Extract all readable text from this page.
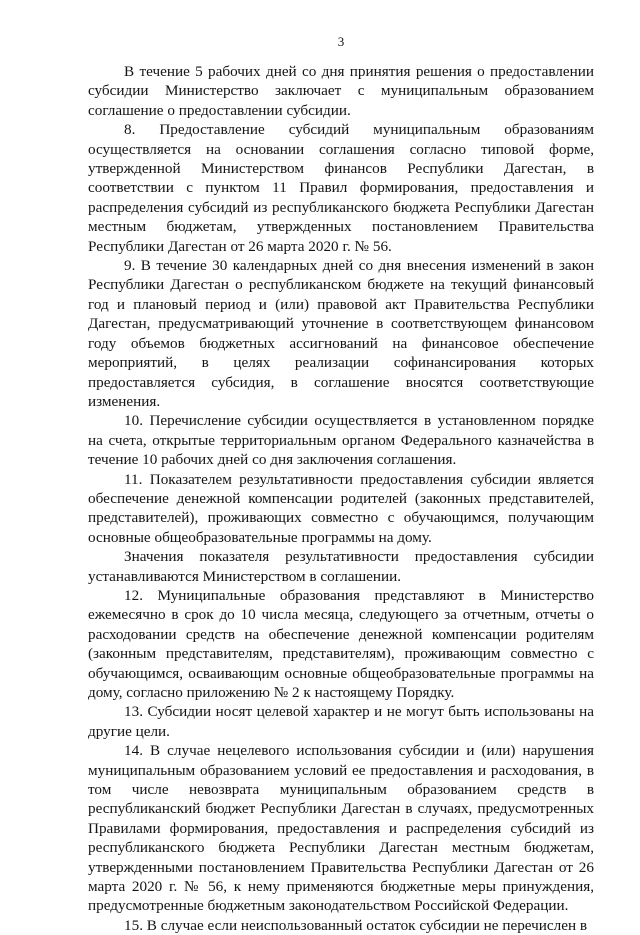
3

В течение 5 рабочих дней со дня принятия решения о предоставлении субсидии Министерство заключает с муниципальным образованием соглашение о предоставлении субсидии.

8. Предоставление субсидий муниципальным образованиям осуществляется на основании соглашения согласно типовой форме, утвержденной Министерством финансов Республики Дагестан, в соответствии с пунктом 11 Правил формирования, предоставления и распределения субсидий из республиканского бюджета Республики Дагестан местным бюджетам, утвержденных постановлением Правительства Республики Дагестан от 26 марта 2020 г. № 56.

9. В течение 30 календарных дней со дня внесения изменений в закон Республики Дагестан о республиканском бюджете на текущий финансовый год и плановый период и (или) правовой акт Правительства Республики Дагестан, предусматривающий уточнение в соответствующем финансовом году объемов бюджетных ассигнований на финансовое обеспечение мероприятий, в целях реализации софинансирования которых предоставляется субсидия, в соглашение вносятся соответствующие изменения.

10. Перечисление субсидии осуществляется в установленном порядке на счета, открытые территориальным органом Федерального казначейства в течение 10 рабочих дней со дня заключения соглашения.

11. Показателем результативности предоставления субсидии является обеспечение денежной компенсации родителей (законных представителей, представителей), проживающих совместно с обучающимся, получающим основные общеобразовательные программы на дому.

Значения показателя результативности предоставления субсидии устанавливаются Министерством в соглашении.

12. Муниципальные образования представляют в Министерство ежемесячно в срок до 10 числа месяца, следующего за отчетным, отчеты о расходовании средств на обеспечение денежной компенсации родителям (законным представителям, представителям), проживающим совместно с обучающимся, осваивающим основные общеобразовательные программы на дому, согласно приложению № 2 к настоящему Порядку.

13. Субсидии носят целевой характер и не могут быть использованы на другие цели.

14. В случае нецелевого использования субсидии и (или) нарушения муниципальным образованием условий ее предоставления и расходования, в том числе невозврата муниципальным образованием средств в республиканский бюджет Республики Дагестан в случаях, предусмотренных Правилами формирования, предоставления и распределения субсидий из республиканского бюджета Республики Дагестан местным бюджетам, утвержденными постановлением Правительства Республики Дагестан от 26 марта 2020 г. № 56, к нему применяются бюджетные меры принуждения, предусмотренные бюджетным законодательством Российской Федерации.

15. В случае если неиспользованный остаток субсидии не перечислен в
